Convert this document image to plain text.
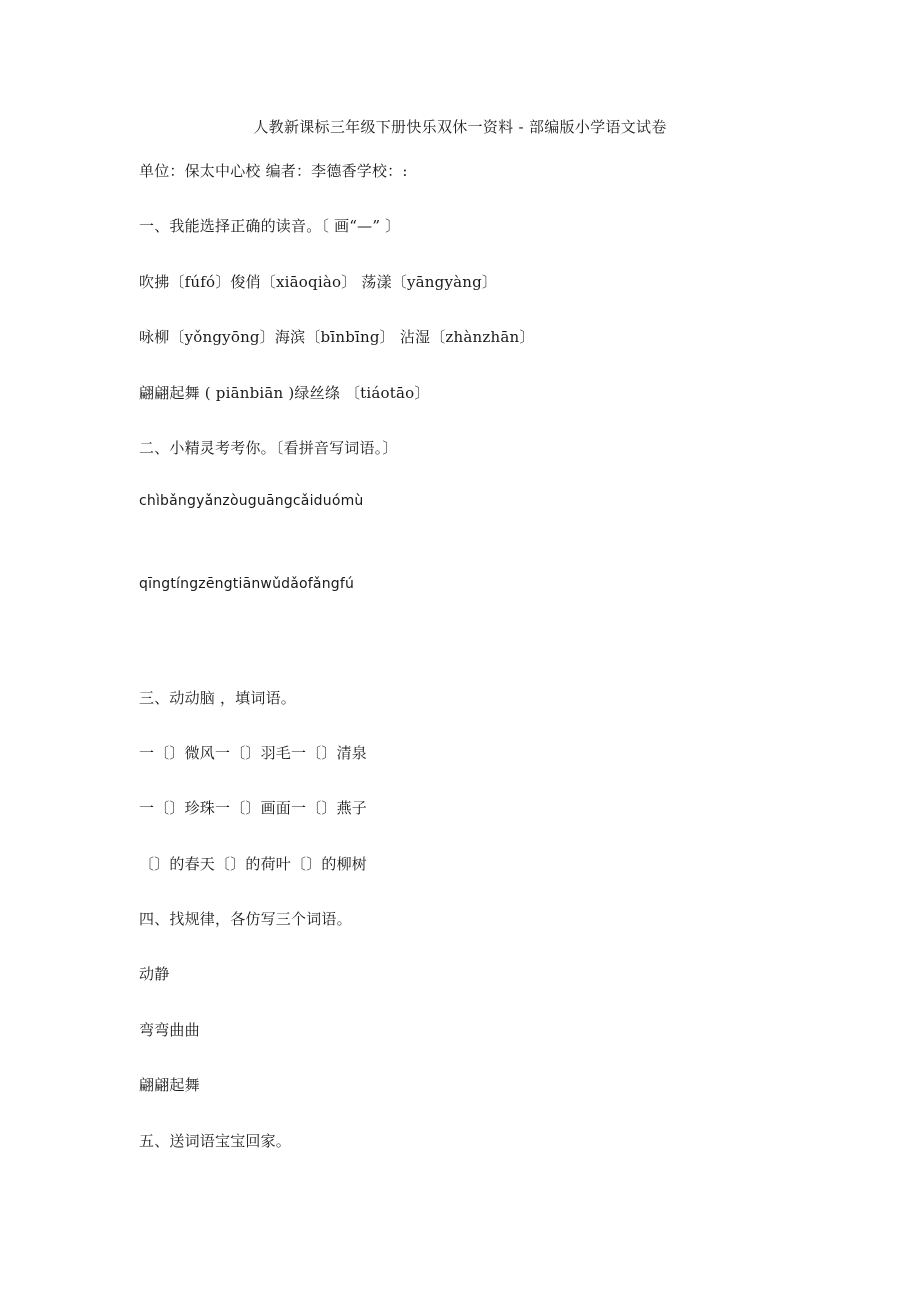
人教新课标三年级下册快乐双休一资料 - 部编版小学语文试卷
单位：保太中心校 编者：李德香学校：:
一、我能选择正确的读音。〔 画“—” 〕
吹拂〔fúfó〕俊俏〔xiāoqiào〕 荡漾〔yāngyàng〕
咏柳〔yǒngyōng〕海滨〔bīnbīng〕 沾湿〔zhànzhān〕
翩翩起舞 ( piānbiān )绿丝绦 〔tiáotāo〕
二、小精灵考考你。〔看拼音写词语。〕
chìbǎngyǎnzòuguāngcǎiduómù
qīngtíngzēngtiānwǔdǎofǎngfú
三、动动脑 ，填词语。
一〔〕微风一〔〕羽毛一〔〕清泉
一〔〕珍珠一〔〕画面一〔〕燕子
〔〕的春天〔〕的荷叶〔〕的柳树
四、找规律，各仿写三个词语。
动静
弯弯曲曲
翩翩起舞
五、送词语宝宝回家。
